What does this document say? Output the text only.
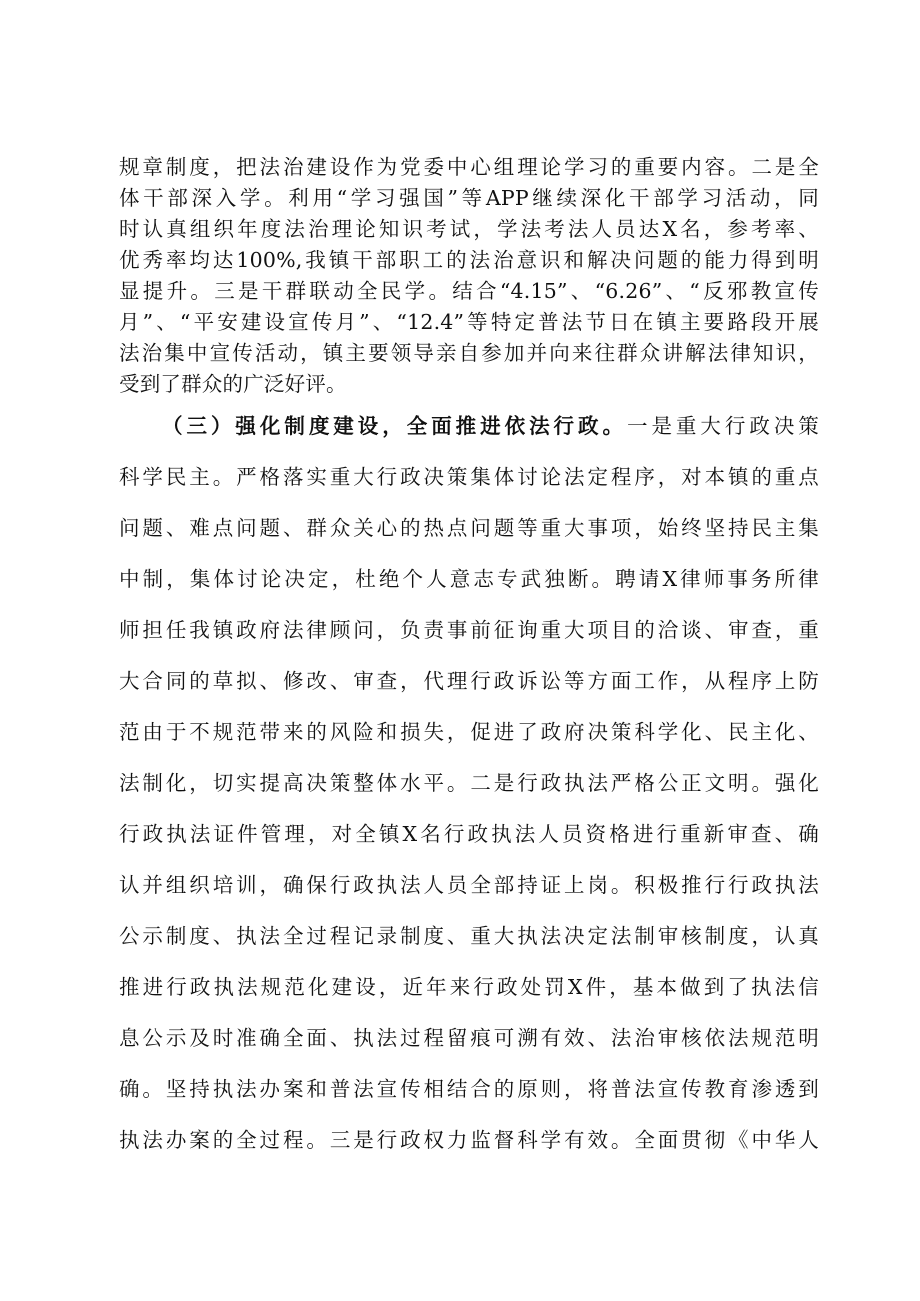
规章制度，把法治建设作为党委中心组理论学习的重要内容。二是全
体干部深入学。利用“学习强国”等APP继续深化干部学习活动，同
时认真组织年度法治理论知识考试，学法考法人员达X名，参考率、
优秀率均达100%,我镇干部职工的法治意识和解决问题的能力得到明
显提升。三是干群联动全民学。结合“4.15”、“6.26”、“反邪教宣传
月”、“平安建设宣传月”、“12.4”等特定普法节日在镇主要路段开展
法治集中宣传活动，镇主要领导亲自参加并向来往群众讲解法律知识，
受到了群众的广泛好评。
（三）强化制度建设，全面推进依法行政。一是重大行政决策
科学民主。严格落实重大行政决策集体讨论法定程序，对本镇的重点
问题、难点问题、群众关心的热点问题等重大事项，始终坚持民主集
中制，集体讨论决定，杜绝个人意志专武独断。聘请X律师事务所律
师担任我镇政府法律顾问，负责事前征询重大项目的洽谈、审查，重
大合同的草拟、修改、审查，代理行政诉讼等方面工作，从程序上防
范由于不规范带来的风险和损失，促进了政府决策科学化、民主化、
法制化，切实提高决策整体水平。二是行政执法严格公正文明。强化
行政执法证件管理，对全镇X名行政执法人员资格进行重新审查、确
认并组织培训，确保行政执法人员全部持证上岗。积极推行行政执法
公示制度、执法全过程记录制度、重大执法决定法制审核制度，认真
推进行政执法规范化建设，近年来行政处罚X件，基本做到了执法信
息公示及时准确全面、执法过程留痕可溯有效、法治审核依法规范明
确。坚持执法办案和普法宣传相结合的原则，将普法宣传教育渗透到
执法办案的全过程。三是行政权力监督科学有效。全面贯彻《中华人
